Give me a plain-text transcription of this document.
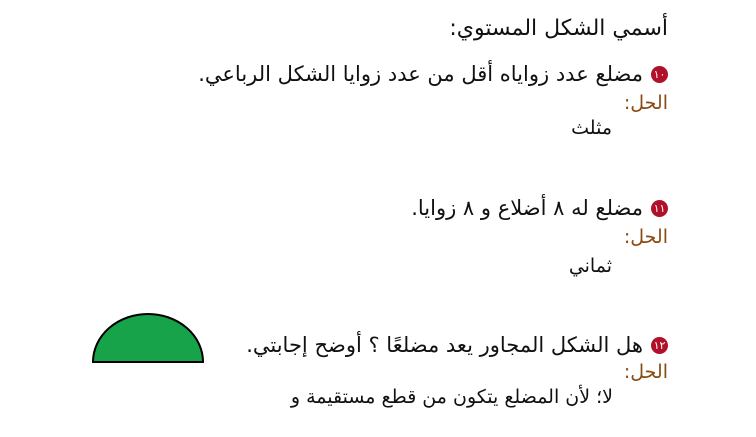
أسمي الشكل المستوي:
١٠
مضلع عدد زواياه أقل من عدد زوايا الشكل الرباعي.
الحل:
مثلث
١١
مضلع له ٨ أضلاع و ٨ زوايا.
الحل:
ثماني
١٢
هل الشكل المجاور يعد مضلعًا ؟ أوضح إجابتي.
الحل:
لا؛ لأن المضلع يتكون من قطع مستقيمة و
